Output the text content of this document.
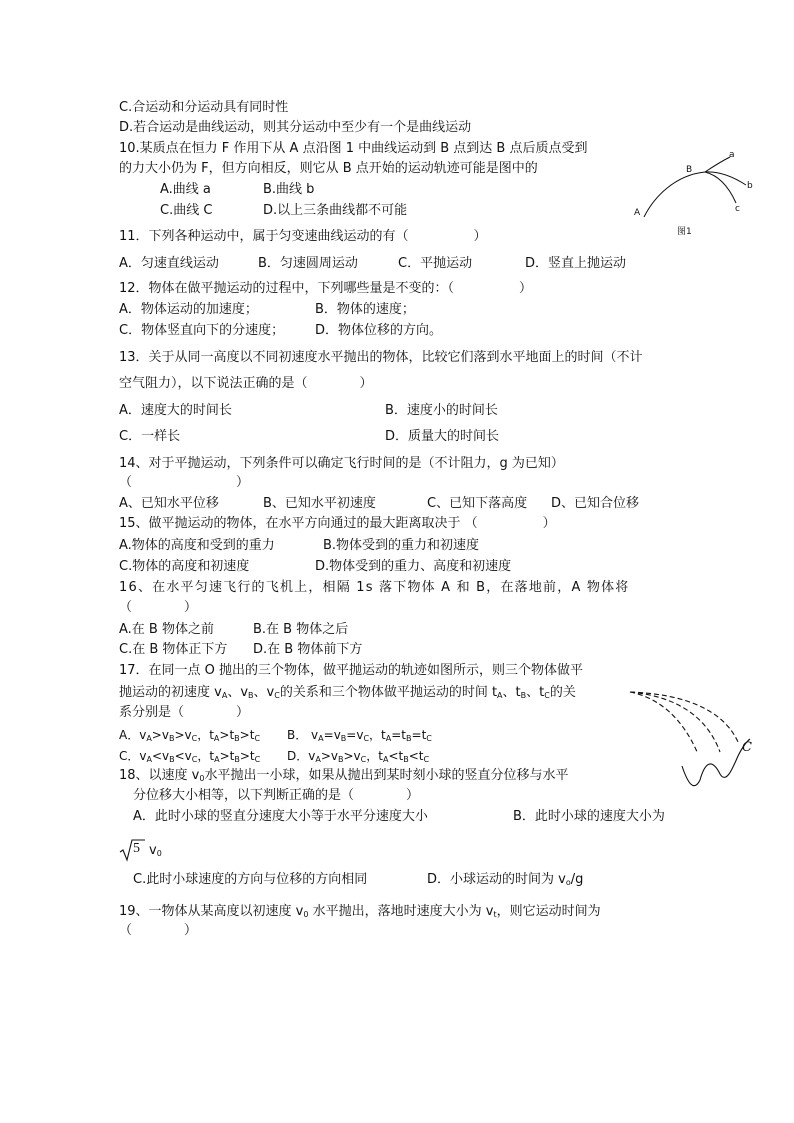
C.合运动和分运动具有同时性
D.若合运动是曲线运动，则其分运动中至少有一个是曲线运动
10.某质点在恒力 F 作用下从 A 点沿图 1 中曲线运动到 B 点到达 B 点后质点受到
的力大小仍为 F，但方向相反，则它从 B 点开始的运动轨迹可能是图中的
A.曲线 a	B.曲线 b
C.曲线 C	D.以上三条曲线都不可能
11．下列各种运动中，属于匀变速曲线运动的有（　　　　　）
A．匀速直线运动	B．匀速圆周运动	C．平抛运动	D．竖直上抛运动
12．物体在做平抛运动的过程中，下列哪些量是不变的：（　　　　　）
A．物体运动的加速度；	B．物体的速度；
C．物体竖直向下的分速度； D．物体位移的方向。
13．关于从同一高度以不同初速度水平抛出的物体，比较它们落到水平地面上的时间（不计
空气阻力），以下说法正确的是（　　　　）
A．速度大的时间长	B．速度小的时间长
C．一样长	D．质量大的时间长
14、对于平抛运动，下列条件可以确定飞行时间的是（不计阻力，g 为已知）
（　　　　　　　　）
A、已知水平位移	B、已知水平初速度	C、已知下落高度 D、已知合位移
15、做平抛运动的物体，在水平方向通过的最大距离取决于 （　　　　　）
A.物体的高度和受到的重力	B.物体受到的重力和初速度
C.物体的高度和初速度	D.物体受到的重力、高度和初速度
16、在水平匀速飞行的飞机上，相隔 1s 落下物体 A 和 B，在落地前，A 物体将
（　　　　）
A.在 B 物体之前	B.在 B 物体之后
C.在 B 物体正下方 D.在 B 物体前下方
17．在同一点 O 抛出的三个物体，做平抛运动的轨迹如图所示，则三个物体做平
抛运动的初速度 $v_A$、$v_B$、$v_C$的关系和三个物体做平抛运动的时间 $t_A$、$t_B$、$t_C$的关
系分别是（　　　　）
A．$v_A>v_B>v_C$，$t_A>t_B>t_C$ B． $v_A=v_B=v_C$，$t_A=t_B=t_C$
C．$v_A<v_B<v_C$，$t_A>t_B>t_C$ D．$v_A>v_B>v_C$，$t_A<t_B<t_C$
18、以速度 $v_0$水平抛出一小球，如果从抛出到某时刻小球的竖直分位移与水平
分位移大小相等，以下判断正确的是（　　　　）
A．此时小球的竖直分速度大小等于水平分速度大小	B．此时小球的速度大小为
5 $v_0$
C.此时小球速度的方向与位移的方向相同	D．小球运动的时间为 $v_o/g$
19、一物体从某高度以初速度 $v_0$ 水平抛出，落地时速度大小为 $v_t$，则它运动时间为
（　　　　）
A
B
a
b
c
图1
C
